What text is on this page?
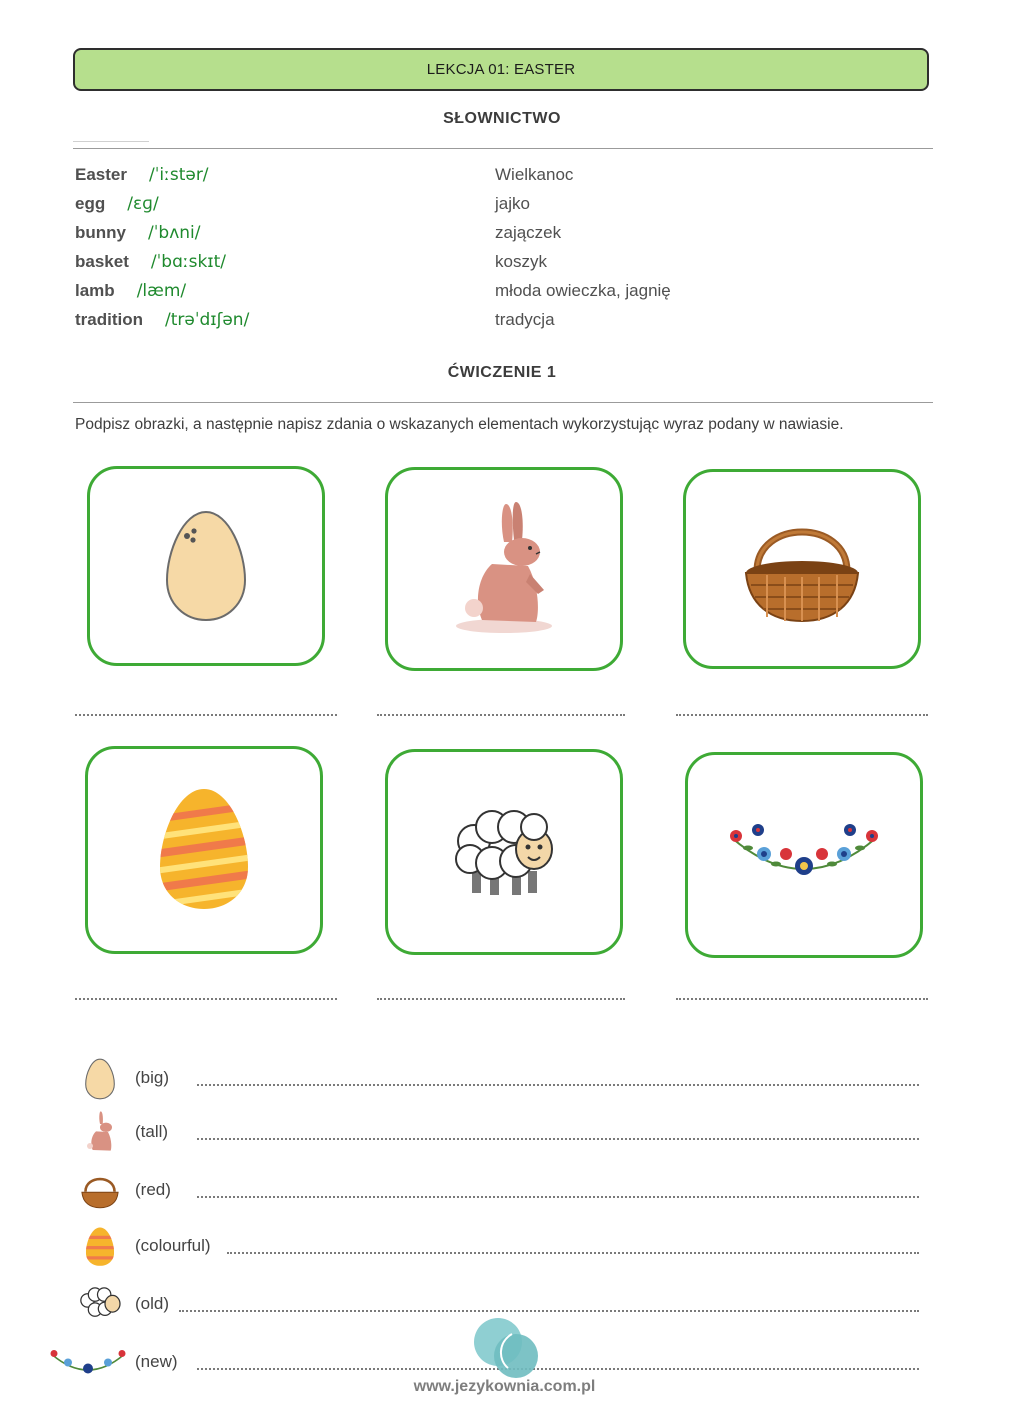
LEKCJA 01: EASTER
SŁOWNICTWO
Easter /ˈiːstər/	Wielkanoc
egg /ɛɡ/	jajko
bunny /ˈbʌni/	zajączek
basket /ˈbɑːskɪt/	koszyk
lamb /læm/	młoda owieczka, jagnię
tradition /trəˈdɪʃən/	tradycja
ĆWICZENIE 1
Podpisz obrazki, a następnie napisz zdania o wskazanych elementach wykorzystując wyraz podany w nawiasie.
(big)
(tall)
(red)
(colourful)
(old)
(new)
www.jezykownia.com.pl
